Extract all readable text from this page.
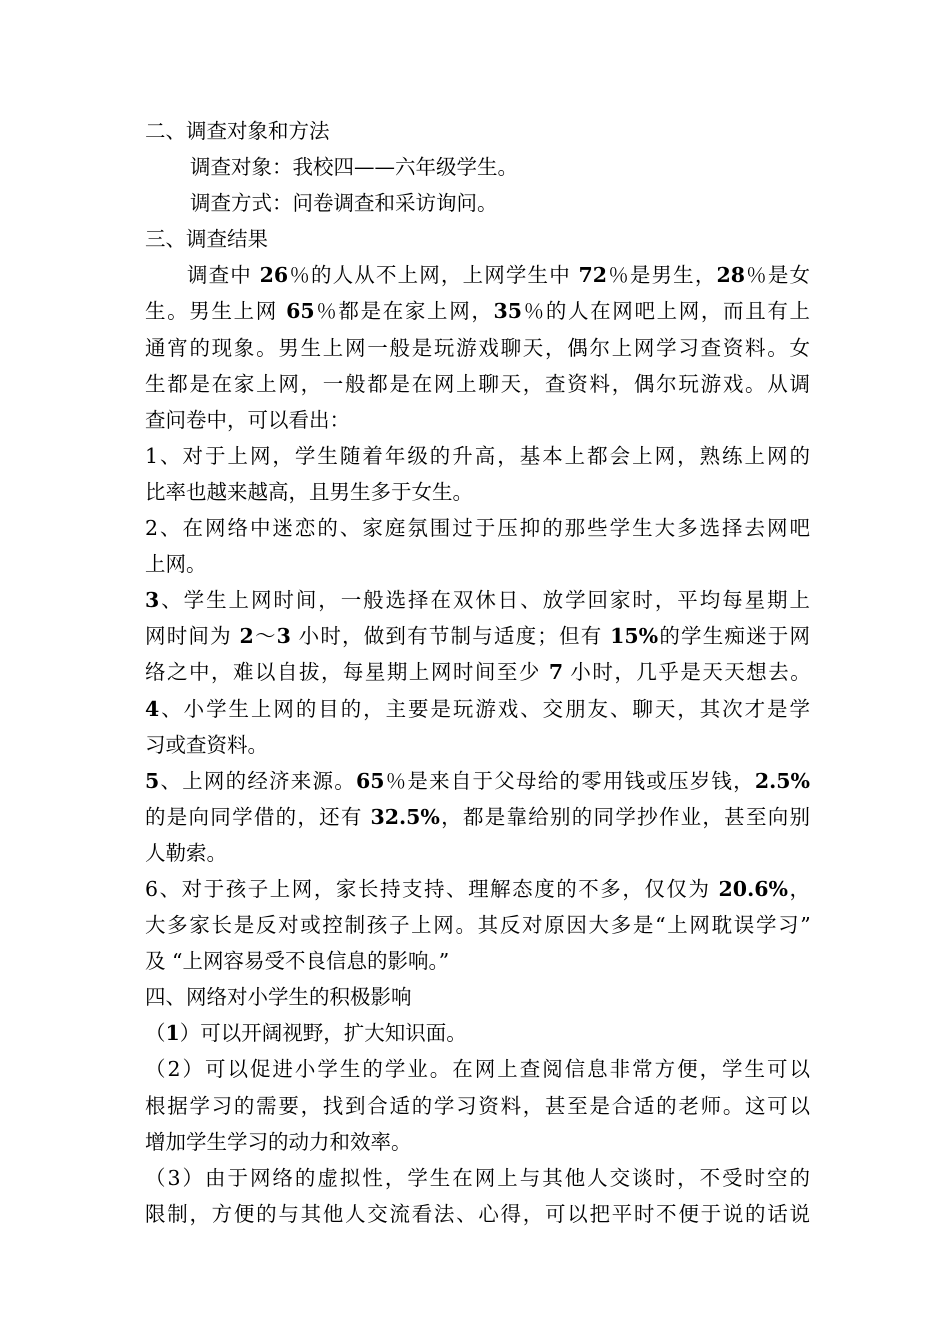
二、调查对象和方法
调查对象：我校四——六年级学生。
调查方式：问卷调查和采访询问。
三、调查结果
调查中 26％的人从不上网，上网学生中 72％是男生，28％是女
生。男生上网 65％都是在家上网，35％的人在网吧上网，而且有上
通宵的现象。男生上网一般是玩游戏聊天，偶尔上网学习查资料。女
生都是在家上网，一般都是在网上聊天，查资料，偶尔玩游戏。从调
查问卷中，可以看出：
1、对于上网，学生随着年级的升高，基本上都会上网，熟练上网的
比率也越来越高，且男生多于女生。
2、在网络中迷恋的、家庭氛围过于压抑的那些学生大多选择去网吧
上网。
3、学生上网时间，一般选择在双休日、放学回家时，平均每星期上
网时间为 2～3 小时，做到有节制与适度；但有 15%的学生痴迷于网
络之中，难以自拔，每星期上网时间至少 7 小时，几乎是天天想去。
4、小学生上网的目的，主要是玩游戏、交朋友、聊天，其次才是学
习或查资料。
5、上网的经济来源。65％是来自于父母给的零用钱或压岁钱，2.5%
的是向同学借的，还有 32.5%，都是靠给别的同学抄作业，甚至向别
人勒索。
6、对于孩子上网，家长持支持、理解态度的不多，仅仅为 20.6%，
大多家长是反对或控制孩子上网。其反对原因大多是“上网耽误学习”
及 “上网容易受不良信息的影响。”
四、网络对小学生的积极影响
（1）可以开阔视野，扩大知识面。
（2）可以促进小学生的学业。在网上查阅信息非常方便，学生可以
根据学习的需要，找到合适的学习资料，甚至是合适的老师。这可以
增加学生学习的动力和效率。
（3）由于网络的虚拟性，学生在网上与其他人交谈时，不受时空的
限制，方便的与其他人交流看法、心得，可以把平时不便于说的话说
